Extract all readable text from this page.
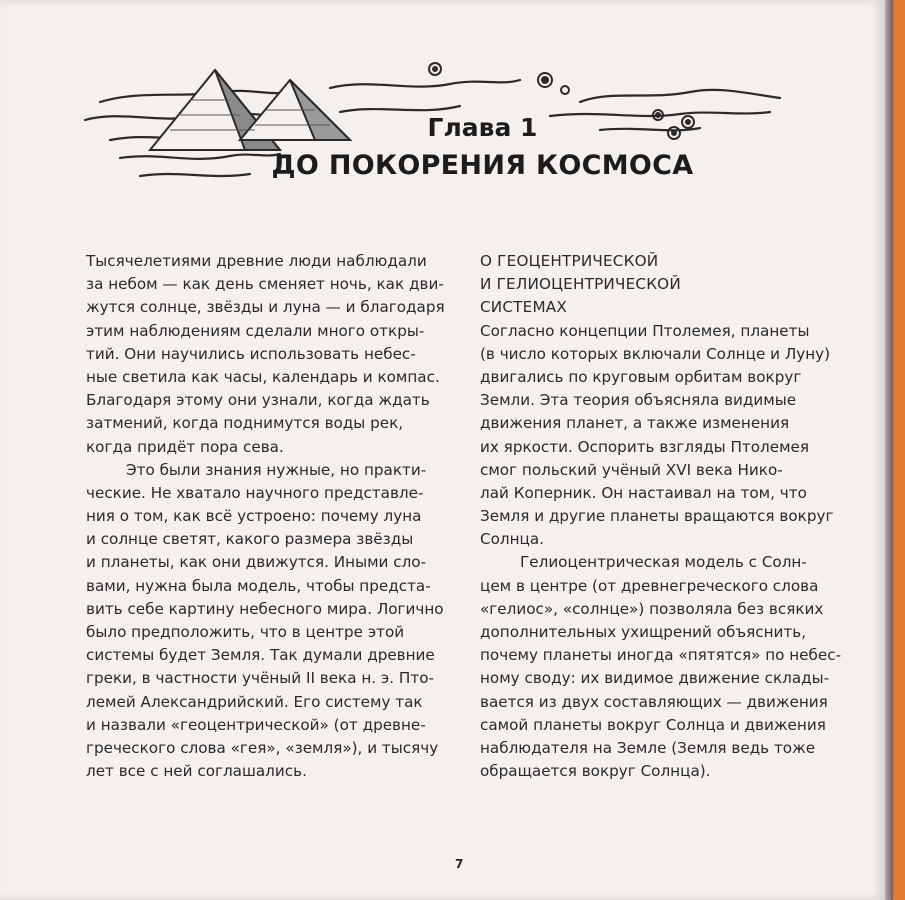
Глава 1
ДО ПОКОРЕНИЯ КОСМОСА
Тысячелетиями древние люди наблюдали
за небом — как день сменяет ночь, как дви-
жутся солнце, звёзды и луна — и благодаря
этим наблюдениям сделали много откры-
тий. Они научились использовать небес-
ные светила как часы, календарь и компас.
Благодаря этому они узнали, когда ждать
затмений, когда поднимутся воды рек,
когда придёт пора сева.
Это были знания нужные, но практи-
ческие. Не хватало научного представле-
ния о том, как всё устроено: почему луна
и солнце светят, какого размера звёзды
и планеты, как они движутся. Иными сло-
вами, нужна была модель, чтобы предста-
вить себе картину небесного мира. Логично
было предположить, что в центре этой
системы будет Земля. Так думали древние
греки, в частности учёный II века н. э. Пто-
лемей Александрийский. Его систему так
и назвали «геоцентрической» (от древне-
греческого слова «гея», «земля»), и тысячу
лет все с ней соглашались.
О ГЕОЦЕНТРИЧЕСКОЙ
И ГЕЛИОЦЕНТРИЧЕСКОЙ
СИСТЕМАХ
Согласно концепции Птолемея, планеты
(в число которых включали Солнце и Луну)
двигались по круговым орбитам вокруг
Земли. Эта теория объясняла видимые
движения планет, а также изменения
их яркости. Оспорить взгляды Птолемея
смог польский учёный XVI века Нико-
лай Коперник. Он настаивал на том, что
Земля и другие планеты вращаются вокруг
Солнца.
Гелиоцентрическая модель с Солн-
цем в центре (от древнегреческого слова
«гелиос», «солнце») позволяла без всяких
дополнительных ухищрений объяснить,
почему планеты иногда «пятятся» по небес-
ному своду: их видимое движение склады-
вается из двух составляющих — движения
самой планеты вокруг Солнца и движения
наблюдателя на Земле (Земля ведь тоже
обращается вокруг Солнца).
7
